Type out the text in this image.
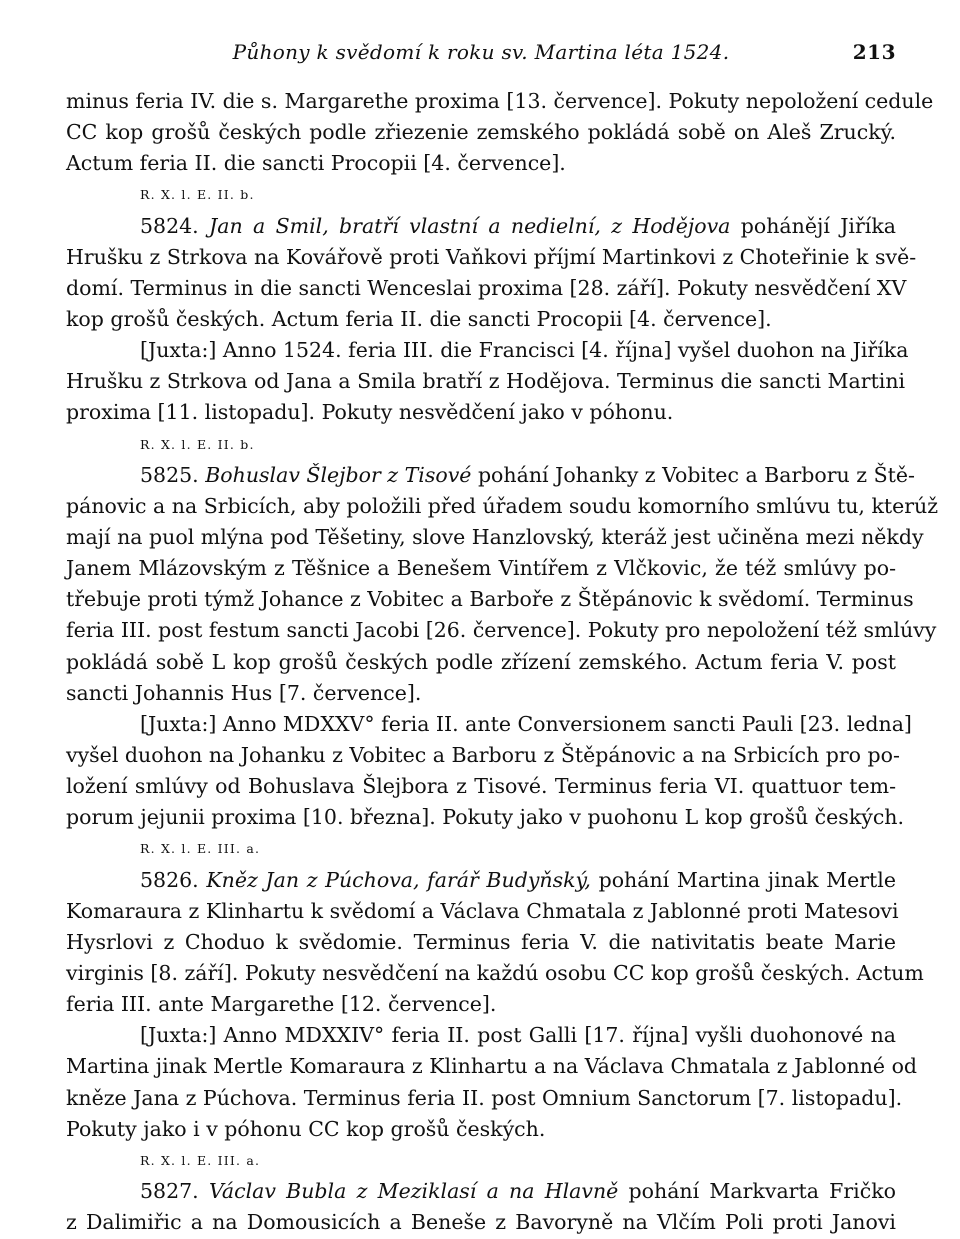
Půhony k svědomí k roku sv. Martina léta 1524.	213
minus feria IV. die s. Margarethe proxima [13. července]. Pokuty nepoložení cedule
CC kop grošů českých podle zřiezenie zemského pokládá sobě on Aleš Zrucký.
Actum feria II. die sancti Procopii [4. července].
R. X. l. E. II. b.
5824. Jan a Smil, bratří vlastní a nedielní, z Hodějova pohánějí Jiříka
Hrušku z Strkova na Kovářově proti Vaňkovi příjmí Martinkovi z Choteřinie k svě-
domí. Terminus in die sancti Wenceslai proxima [28. září]. Pokuty nesvědčení XV
kop grošů českých. Actum feria II. die sancti Procopii [4. července].
[Juxta:] Anno 1524. feria III. die Francisci [4. října] vyšel duohon na Jiříka
Hrušku z Strkova od Jana a Smila bratří z Hodějova. Terminus die sancti Martini
proxima [11. listopadu]. Pokuty nesvědčení jako v póhonu.
R. X. l. E. II. b.
5825. Bohuslav Šlejbor z Tisové pohání Johanky z Vobitec a Barboru z Ště-
pánovic a na Srbicích, aby položili před úřadem soudu komorního smlúvu tu, kterúž
mají na puol mlýna pod Těšetiny, slove Hanzlovský, kteráž jest učiněna mezi někdy
Janem Mlázovským z Těšnice a Benešem Vintířem z Vlčkovic, že též smlúvy po-
třebuje proti týmž Johance z Vobitec a Barboře z Štěpánovic k svědomí. Terminus
feria III. post festum sancti Jacobi [26. července]. Pokuty pro nepoložení též smlúvy
pokládá sobě L kop grošů českých podle zřízení zemského. Actum feria V. post
sancti Johannis Hus [7. července].
[Juxta:] Anno MDXXV° feria II. ante Conversionem sancti Pauli [23. ledna]
vyšel duohon na Johanku z Vobitec a Barboru z Štěpánovic a na Srbicích pro po-
ložení smlúvy od Bohuslava Šlejbora z Tisové. Terminus feria VI. quattuor tem-
porum jejunii proxima [10. března]. Pokuty jako v puohonu L kop grošů českých.
R. X. l. E. III. a.
5826. Kněz Jan z Púchova, farář Budyňský, pohání Martina jinak Mertle
Komaraura z Klinhartu k svědomí a Václava Chmatala z Jablonné proti Matesovi
Hysrlovi z Choduo k svědomie. Terminus feria V. die nativitatis beate Marie
virginis [8. září]. Pokuty nesvědčení na každú osobu CC kop grošů českých. Actum
feria III. ante Margarethe [12. července].
[Juxta:] Anno MDXXIV° feria II. post Galli [17. října] vyšli duohonové na
Martina jinak Mertle Komaraura z Klinhartu a na Václava Chmatala z Jablonné od
kněze Jana z Púchova. Terminus feria II. post Omnium Sanctorum [7. listopadu].
Pokuty jako i v póhonu CC kop grošů českých.
R. X. l. E. III. a.
5827. Václav Bubla z Meziklasí a na Hlavně pohání Markvarta Fričko
z Dalimiřic a na Domousicích a Beneše z Bavoryně na Vlčím Poli proti Janovi
